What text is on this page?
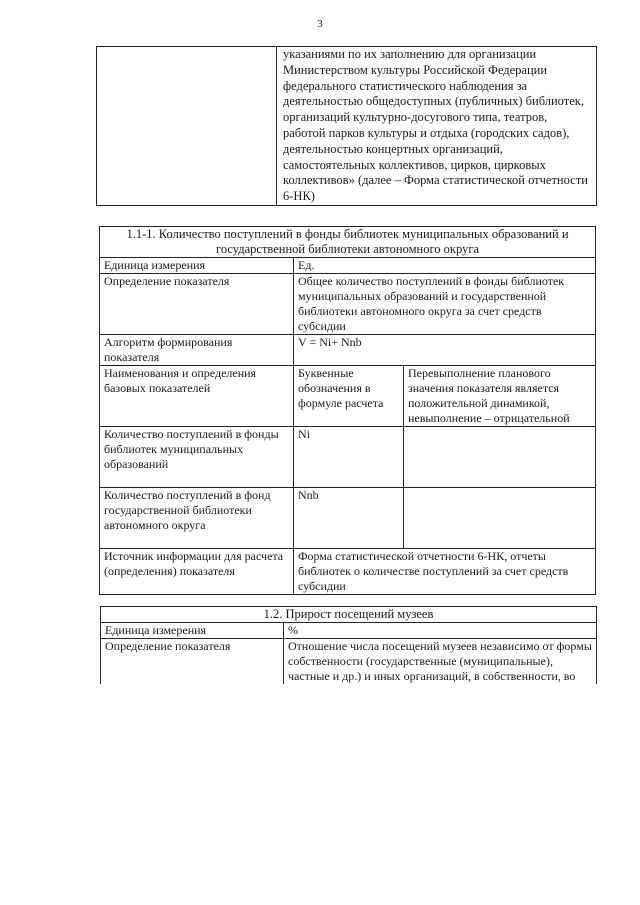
3
	указаниями по их заполнению для организации Министерством культуры Российской Федерации федерального статистического наблюдения за деятельностью общедоступных (публичных) библиотек, организаций культурно-досугового типа, театров, работой парков культуры и отдыха (городских садов), деятельностью концертных организаций, самостоятельных коллективов, цирков, цирковых коллективов» (далее – Форма статистической отчетности 6-НК)
1.1-1. Количество поступлений в фонды библиотек муниципальных образований и государственной библиотеки автономного округа		
Единица измерения	Ед.	
Определение показателя	Общее количество поступлений в фонды библиотек муниципальных образований и государственной библиотеки автономного округа за счет средств субсидии	
Алгоритм формирования показателя	V = Ni+ Nnb	
Наименования и определения базовых показателей	Буквенные обозначения в формуле расчета	Перевыполнение планового значения показателя является положительной динамикой, невыполнение – отрицательной
Количество поступлений в фонды библиотек муниципальных образований	Ni	
Количество поступлений в фонд государственной библиотеки автономного округа	Nnb	
Источник информации для расчета (определения) показателя	Форма статистической отчетности 6-НК, отчеты библиотек о количестве поступлений за счет средств субсидии	
1.2. Прирост посещений музеев	
Единица измерения	%
Определение показателя	Отношение числа посещений музеев независимо от формы собственности (государственные (муниципальные), частные и др.) и иных организаций, в собственности, во
